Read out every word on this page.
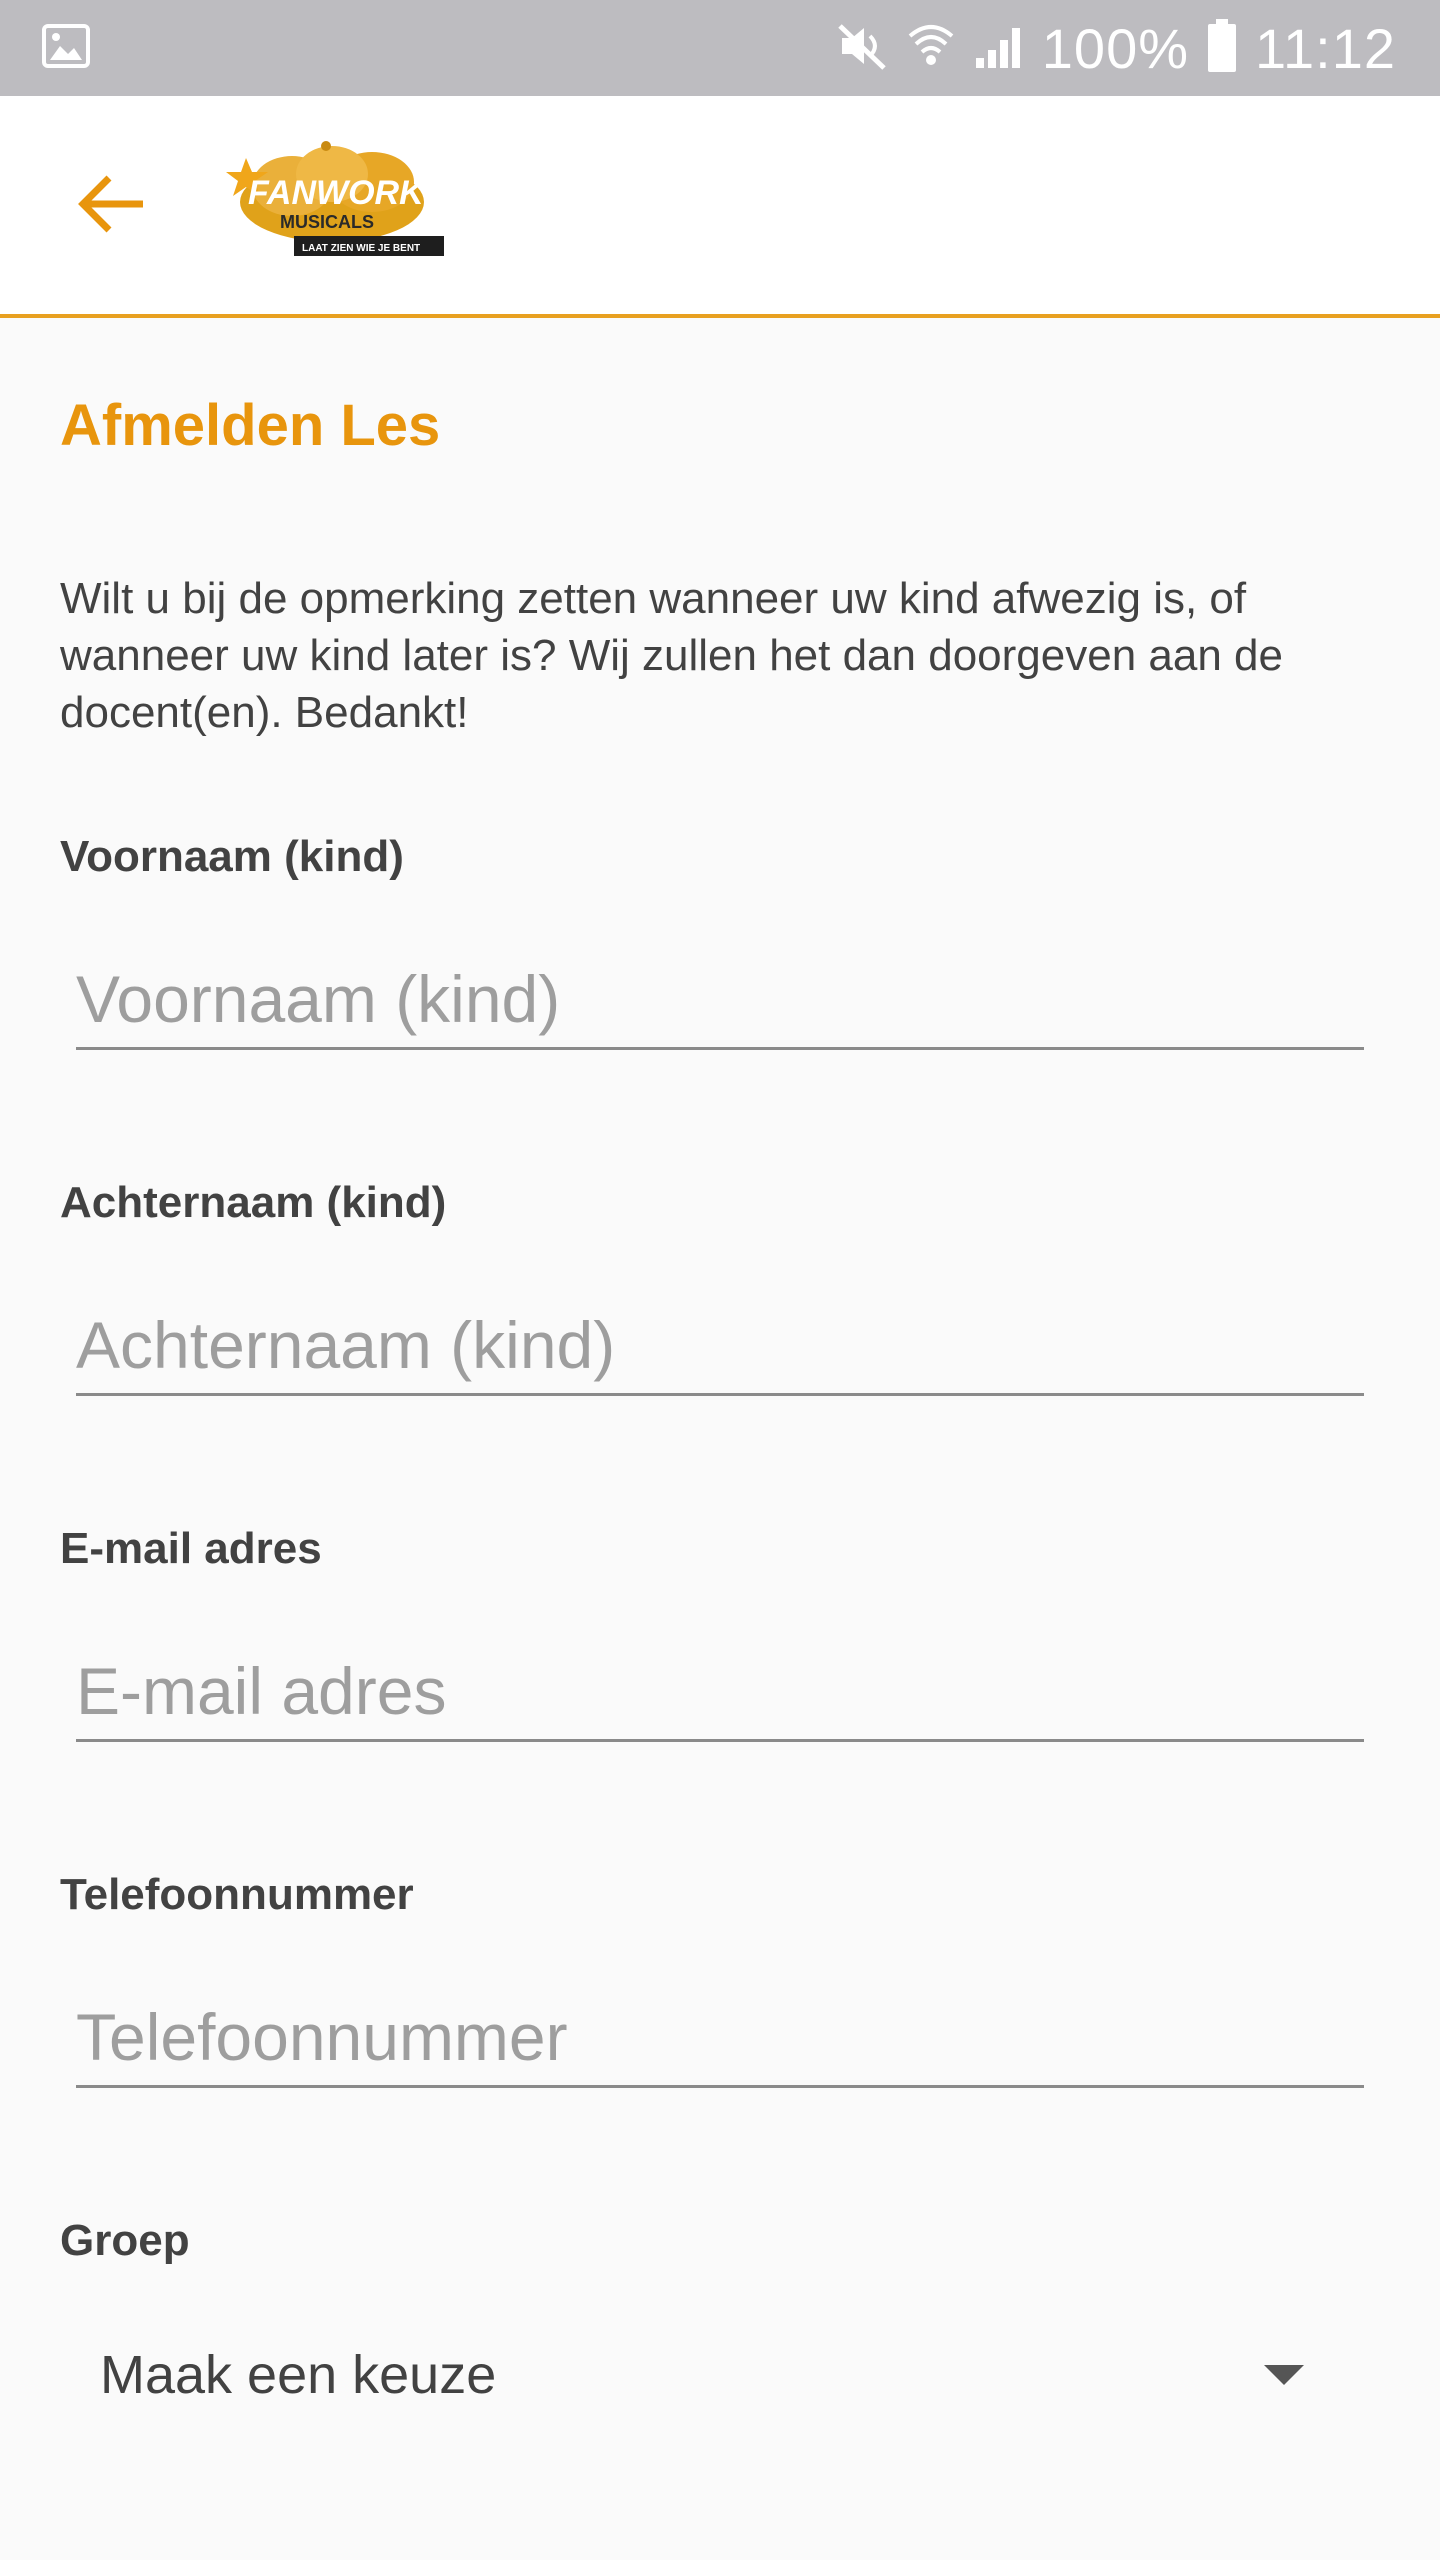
100% 11:12
FANWORK
MUSICALS
LAAT ZIEN WIE JE BENT
Afmelden Les
Wilt u bij de opmerking zetten wanneer uw kind afwezig is, of wanneer uw kind later is? Wij zullen het dan doorgeven aan de docent(en). Bedankt!
Voornaam (kind)
Voornaam (kind)
Achternaam (kind)
Achternaam (kind)
E-mail adres
E-mail adres
Telefoonnummer
Telefoonnummer
Groep
Maak een keuze
